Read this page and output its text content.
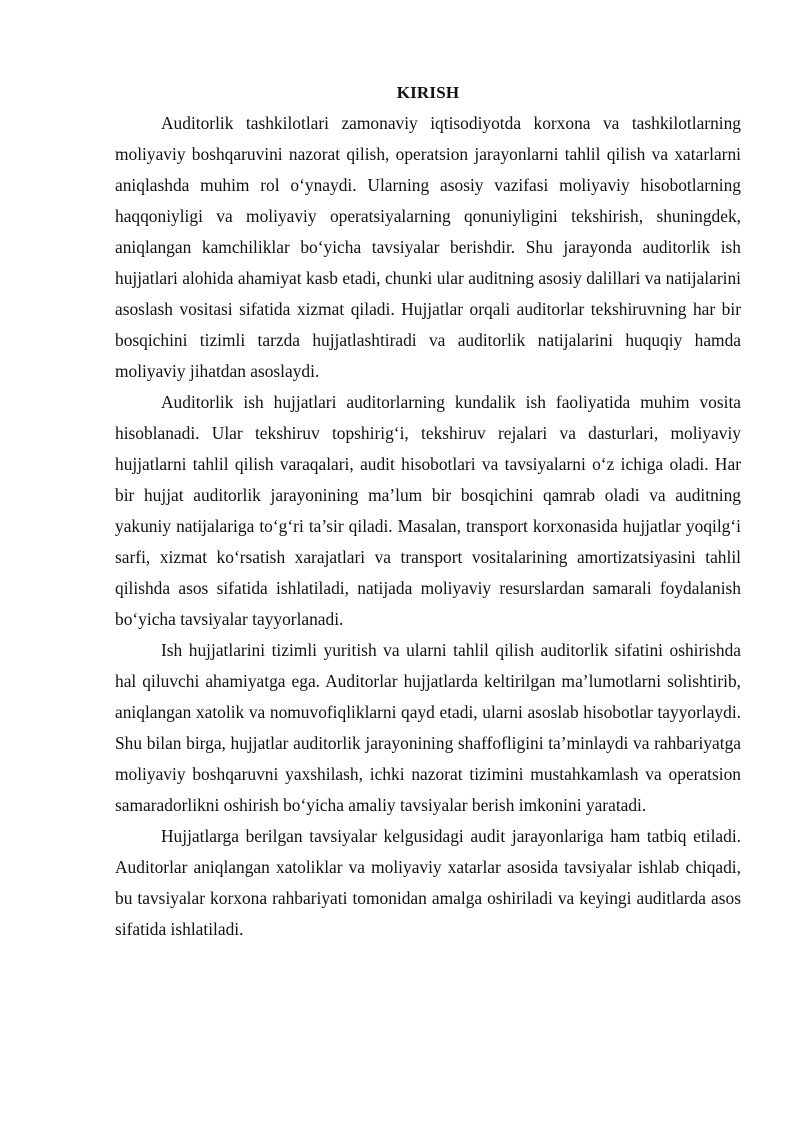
KIRISH

Auditorlik tashkilotlari zamonaviy iqtisodiyotda korxona va tashkilotlarning moliyaviy boshqaruvini nazorat qilish, operatsion jarayonlarni tahlil qilish va xatarlarni aniqlashda muhim rol o‘ynaydi. Ularning asosiy vazifasi moliyaviy hisobotlarning haqqoniyligi va moliyaviy operatsiyalarning qonuniyligini tekshirish, shuningdek, aniqlangan kamchiliklar bo‘yicha tavsiyalar berishdir. Shu jarayonda auditorlik ish hujjatlari alohida ahamiyat kasb etadi, chunki ular auditning asosiy dalillari va natijalarini asoslash vositasi sifatida xizmat qiladi. Hujjatlar orqali auditorlar tekshiruvning har bir bosqichini tizimli tarzda hujjatlashtiradi va auditorlik natijalarini huquqiy hamda moliyaviy jihatdan asoslaydi.

Auditorlik ish hujjatlari auditorlarning kundalik ish faoliyatida muhim vosita hisoblanadi. Ular tekshiruv topshirig‘i, tekshiruv rejalari va dasturlari, moliyaviy hujjatlarni tahlil qilish varaqalari, audit hisobotlari va tavsiyalarni o‘z ichiga oladi. Har bir hujjat auditorlik jarayonining ma’lum bir bosqichini qamrab oladi va auditning yakuniy natijalariga to‘g‘ri ta’sir qiladi. Masalan, transport korxonasida hujjatlar yoqilg‘i sarfi, xizmat ko‘rsatish xarajatlari va transport vositalarining amortizatsiyasini tahlil qilishda asos sifatida ishlatiladi, natijada moliyaviy resurslardan samarali foydalanish bo‘yicha tavsiyalar tayyorlanadi.

Ish hujjatlarini tizimli yuritish va ularni tahlil qilish auditorlik sifatini oshirishda hal qiluvchi ahamiyatga ega. Auditorlar hujjatlarda keltirilgan ma’lumotlarni solishtirib, aniqlangan xatolik va nomuvofiqliklarni qayd etadi, ularni asoslab hisobotlar tayyorlaydi. Shu bilan birga, hujjatlar auditorlik jarayonining shaffofligini ta’minlaydi va rahbariyatga moliyaviy boshqaruvni yaxshilash, ichki nazorat tizimini mustahkamlash va operatsion samaradorlikni oshirish bo‘yicha amaliy tavsiyalar berish imkonini yaratadi.

Hujjatlarga berilgan tavsiyalar kelgusidagi audit jarayonlariga ham tatbiq etiladi. Auditorlar aniqlangan xatoliklar va moliyaviy xatarlar asosida tavsiyalar ishlab chiqadi, bu tavsiyalar korxona rahbariyati tomonidan amalga oshiriladi va keyingi auditlarda asos sifatida ishlatiladi.
